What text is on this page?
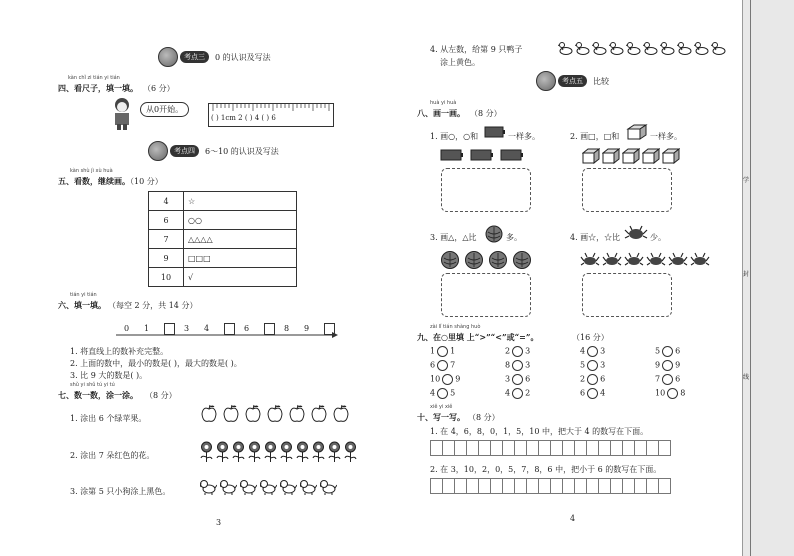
考点三	0 的认识及写法
kàn chǐ zi tián yi tián
四、看尺子，填一填。 （6 分）
从0开始。
( ) 1cm 2 ( ) 4 ( ) 6
考点四	6～10 的认识及写法
kàn shù jì xù huà
五、看数，继续画。
（10 分）
4	☆
6	○○
7	△△△△
9	□□□
10	√
tián yi tián
六、填一填。 （每空 2 分，共 14 分）
0 1	3 4	6	8 9
1. 将直线上的数补充完整。
2. 上面的数中，最小的数是( )，最大的数是( )。
3. 比 9 大的数是( )。
shǔ yi shǔ tú yi tú
七、数一数，涂一涂。 （8 分）
1. 涂出 6 个绿苹果。
2. 涂出 7 朵红色的花。
3. 涂第 5 只小狗涂上黑色。
3
4. 从左数，给第 9 只鸭子
涂上黄色。
考点五	比较
huà yi huà
八、画一画。 （8 分）
1. 画○，○和	一样多。	2. 画□，□和	一样多。
3. 画△，△比	多。	4. 画☆，☆比	少。
zài lǐ tián shàng huò
九、在○里填 上“>”“<”或“=”。	（16 分）
1 1	2 3	4 3	5 6
6 7	8 3	5 3	9 9
10 9	3 6	2 6	7 6
4 5	4 2	6 4	10 8
xiě yi xiě
十、写一写。 （8 分）
1. 在 4，6，8，0，1，5，10 中，把大于 4 的数写在下面。
2. 在 3，10，2，0，5，7，8，6 中，把小于 6 的数写在下面。
4
学
封
线
